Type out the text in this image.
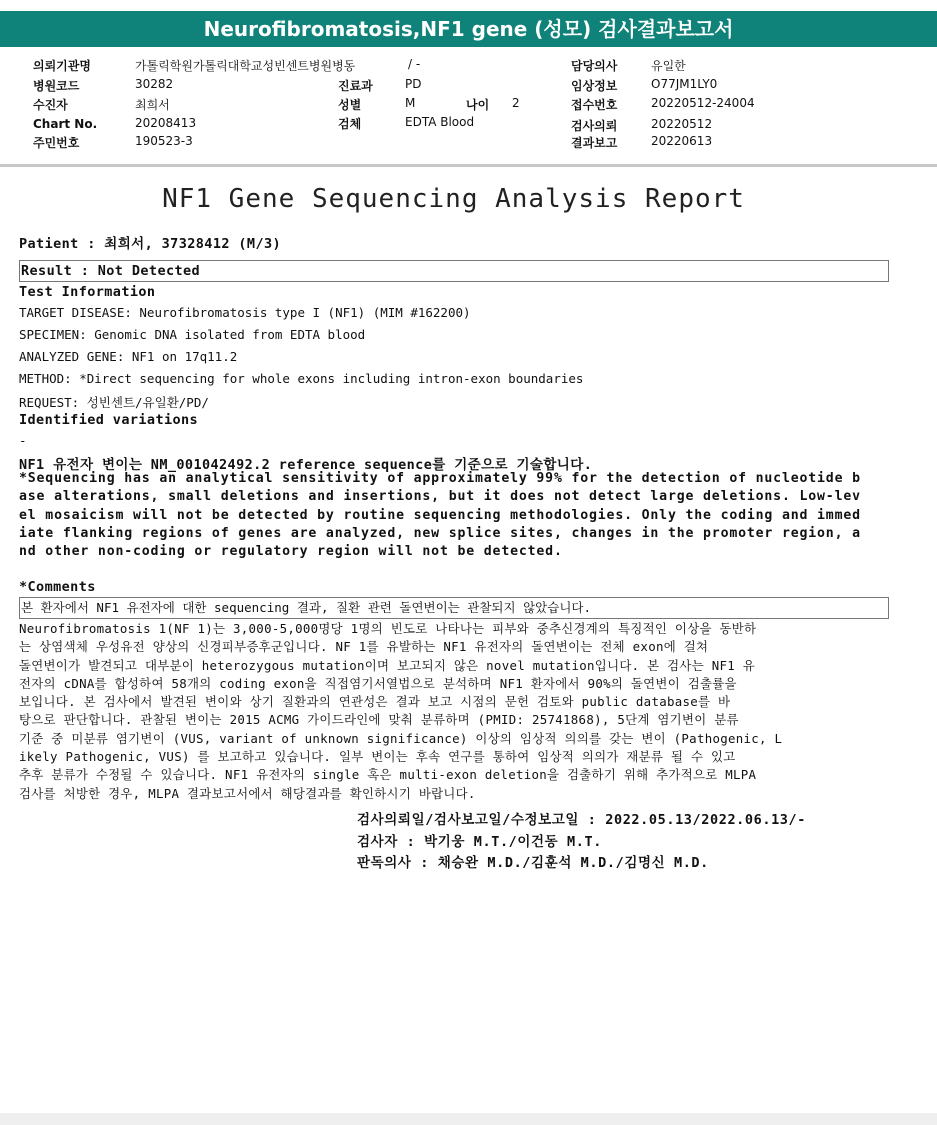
Neurofibromatosis,NF1 gene (성모) 검사결과보고서
의뢰기관명	가톨릭학원가톨릭대학교성빈센트병원병동	/ -	담당의사	유일한
병원코드	30282	진료과	PD	임상정보	O77JM1LY0
수진자	최희서	성별	M	나이 2	접수번호	20220512-24004
Chart No.	20208413	검체	EDTA Blood	검사의뢰	20220512
주민번호	190523-3	결과보고	20220613
NF1 Gene Sequencing Analysis Report
Patient : 최희서, 37328412 (M/3)
Result : Not Detected
Test Information
TARGET DISEASE: Neurofibromatosis type I (NF1) (MIM #162200)
SPECIMEN: Genomic DNA isolated from EDTA blood
ANALYZED GENE: NF1 on 17q11.2
METHOD: *Direct sequencing for whole exons including intron-exon boundaries
REQUEST: 성빈센트/유일환/PD/
Identified variations
-
NF1 유전자 변이는 NM_001042492.2 reference sequence를 기준으로 기술합니다.
*Sequencing has an analytical sensitivity of approximately 99% for the detection of nucleotide b
ase alterations, small deletions and insertions, but it does not detect large deletions. Low-lev
el mosaicism will not be detected by routine sequencing methodologies. Only the coding and immed
iate flanking regions of genes are analyzed, new splice sites, changes in the promoter region, a
nd other non-coding or regulatory region will not be detected.
*Comments
본 환자에서 NF1 유전자에 대한 sequencing 결과, 질환 관련 돌연변이는 관찰되지 않았습니다.
Neurofibromatosis 1(NF 1)는 3,000-5,000명당 1명의 빈도로 나타나는 피부와 중추신경계의 특징적인 이상을 동반하
는 상염색체 우성유전 양상의 신경피부증후군입니다. NF 1를 유발하는 NF1 유전자의 돌연변이는 전체 exon에 걸쳐
돌연변이가 발견되고 대부분이 heterozygous mutation이며 보고되지 않은 novel mutation입니다. 본 검사는 NF1 유
전자의 cDNA를 합성하여 58개의 coding exon을 직접염기서열법으로 분석하며 NF1 환자에서 90%의 돌연변이 검출률을
보입니다. 본 검사에서 발견된 변이와 상기 질환과의 연관성은 결과 보고 시점의 문헌 검토와 public database를 바
탕으로 판단합니다. 관찰된 변이는 2015 ACMG 가이드라인에 맞춰 분류하며 (PMID: 25741868), 5단계 염기변이 분류
기준 중 미분류 염기변이 (VUS, variant of unknown significance) 이상의 임상적 의의를 갖는 변이 (Pathogenic, L
ikely Pathogenic, VUS) 를 보고하고 있습니다. 일부 변이는 후속 연구를 통하여 임상적 의의가 재분류 될 수 있고
추후 분류가 수정될 수 있습니다. NF1 유전자의 single 혹은 multi-exon deletion을 검출하기 위해 추가적으로 MLPA
검사를 처방한 경우, MLPA 결과보고서에서 해당결과를 확인하시기 바랍니다.
검사의뢰일/검사보고일/수정보고일 : 2022.05.13/2022.06.13/-
검사자 : 박기웅 M.T./이건동 M.T.
판독의사 : 채승완 M.D./김훈석 M.D./김명신 M.D.
